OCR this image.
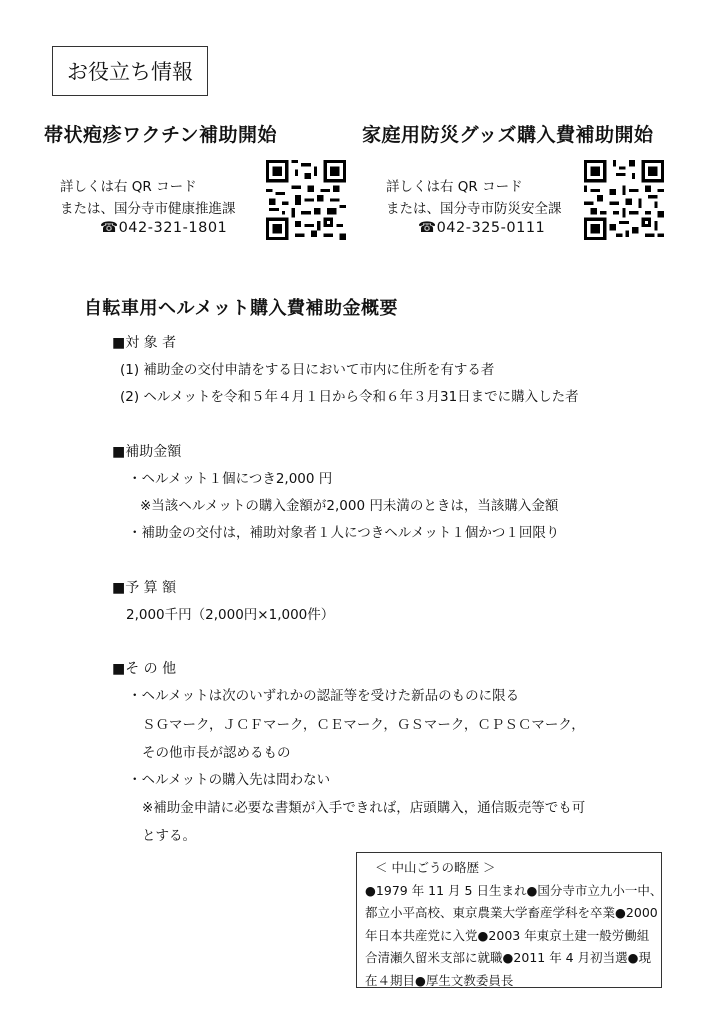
お役立ち情報
帯状疱疹ワクチン補助開始
詳しくは右 QR コード
または、国分寺市健康推進課
☎042-321-1801
家庭用防災グッズ購入費補助開始
詳しくは右 QR コード
または、国分寺市防災安全課
☎042-325-0111
自転車用ヘルメット購入費補助金概要
■対 象 者
(1) 補助金の交付申請をする日において市内に住所を有する者
(2) ヘルメットを令和５年４月１日から令和６年３月31日までに購入した者
■補助金額
・ヘルメット１個につき2,000 円
※当該ヘルメットの購入金額が2,000 円未満のときは，当該購入金額
・補助金の交付は，補助対象者１人につきヘルメット１個かつ１回限り
■予 算 額
2,000千円（2,000円×1,000件）
■そ の 他
・ヘルメットは次のいずれかの認証等を受けた新品のものに限る
ＳＧマーク，ＪＣＦマーク，ＣＥマーク，ＧＳマーク，ＣＰＳＣマーク，
その他市長が認めるもの
・ヘルメットの購入先は問わない
※補助金申請に必要な書類が入手できれば，店頭購入，通信販売等でも可
とする。
＜ 中山ごうの略歴 ＞
●1979 年 11 月 5 日生まれ●国分寺市立九小一中、
都立小平高校、東京農業大学畜産学科を卒業●2000
年日本共産党に入党●2003 年東京土建一般労働組
合清瀬久留米支部に就職●2011 年 4 月初当選●現
在４期目●厚生文教委員長
